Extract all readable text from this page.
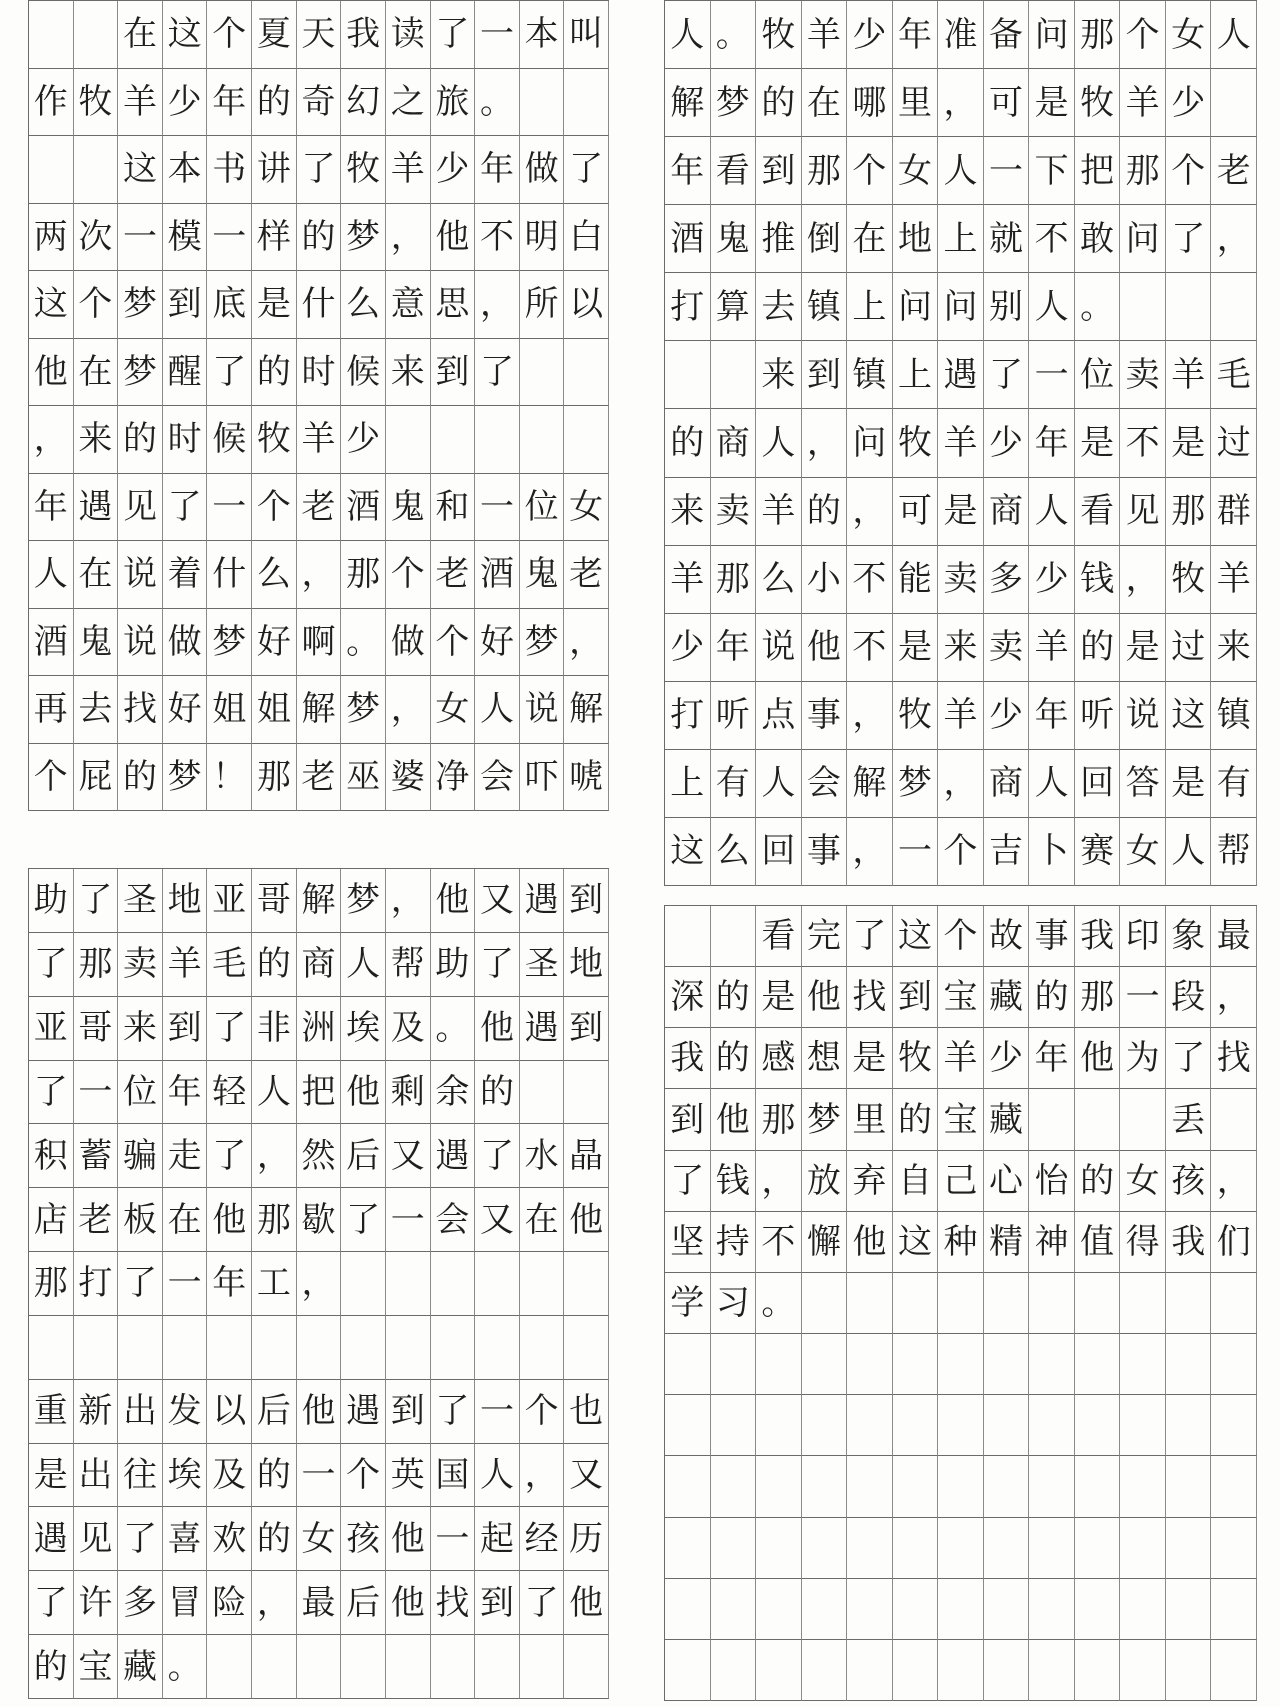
在 这 个 夏 天 我 读 了 一 本 叫
作 牧 羊 少 年 的 奇 幻 之 旅 。
这 本 书 讲 了 牧 羊 少 年 做 了
两 次 一 模 一 样 的 梦 ， 他 不 明 白
这 个 梦 到 底 是 什 么 意 思 ， 所 以
他 在 梦 醒 了 的 时 候 来 到 了
， 来 的 时 候 牧 羊 少
年 遇 见 了 一 个 老 酒 鬼 和 一 位 女
人 在 说 着 什 么 ， 那 个 老 酒 鬼 老
酒 鬼 说 做 梦 好 啊 。 做 个 好 梦 ，
再 去 找 好 姐 姐 解 梦 ， 女 人 说 解
个 屁 的 梦 ！ 那 老 巫 婆 净 会 吓 唬
人 。 牧 羊 少 年 准 备 问 那 个 女 人
解 梦 的 在 哪 里 ， 可 是 牧 羊 少
年 看 到 那 个 女 人 一 下 把 那 个 老
酒 鬼 推 倒 在 地 上 就 不 敢 问 了 ，
打 算 去 镇 上 问 问 别 人 。
来 到 镇 上 遇 了 一 位 卖 羊 毛
的 商 人 ， 问 牧 羊 少 年 是 不 是 过
来 卖 羊 的 ， 可 是 商 人 看 见 那 群
羊 那 么 小 不 能 卖 多 少 钱 ， 牧 羊
少 年 说 他 不 是 来 卖 羊 的 是 过 来
打 听 点 事 ， 牧 羊 少 年 听 说 这 镇
上 有 人 会 解 梦 ， 商 人 回 答 是 有
这 么 回 事 ， 一 个 吉 卜 赛 女 人 帮
助 了 圣 地 亚 哥 解 梦 ， 他 又 遇 到
了 那 卖 羊 毛 的 商 人 帮 助 了 圣 地
亚 哥 来 到 了 非 洲 埃 及 。 他 遇 到
了 一 位 年 轻 人 把 他 剩 余 的
积 蓄 骗 走 了 ， 然 后 又 遇 了 水 晶
店 老 板 在 他 那 歇 了 一 会 又 在 他
那 打 了 一 年 工 ，
重 新 出 发 以 后 他 遇 到 了 一 个 也
是 出 往 埃 及 的 一 个 英 国 人 ， 又
遇 见 了 喜 欢 的 女 孩 他 一 起 经 历
了 许 多 冒 险 ， 最 后 他 找 到 了 他
的 宝 藏 。
看 完 了 这 个 故 事 我 印 象 最
深 的 是 他 找 到 宝 藏 的 那 一 段 ，
我 的 感 想 是 牧 羊 少 年 他 为 了 找
到 他 那 梦 里 的 宝 藏	丢
了 钱 ， 放 弃 自 己 心 怡 的 女 孩 ，
坚 持 不 懈 他 这 种 精 神 值 得 我 们
学 习 。
